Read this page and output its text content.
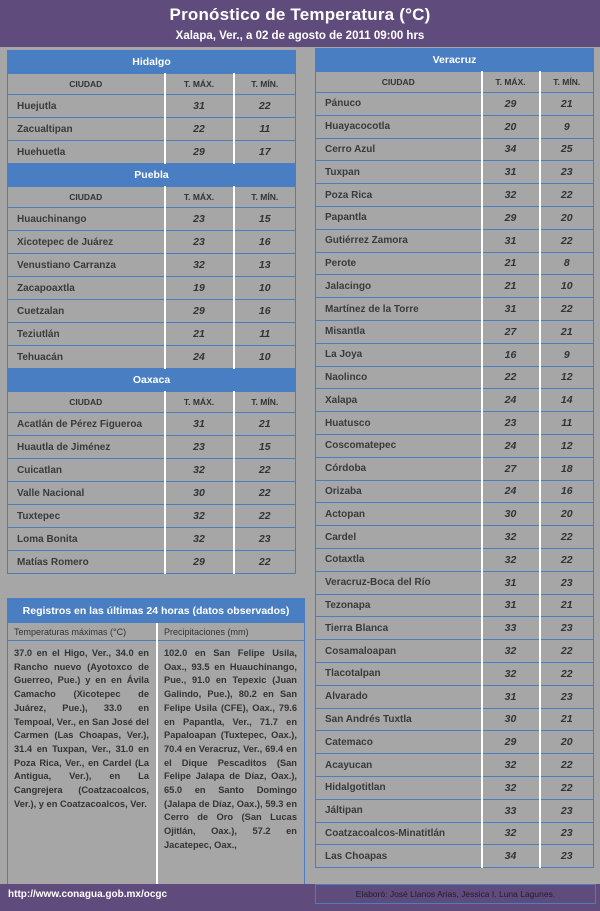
Pronóstico de Temperatura (°C)
Xalapa, Ver., a 02 de agosto de 2011 09:00 hrs
Hidalgo		
CIUDAD	T. MÁX.	T. MÍN.
Huejutla	31	22
Zacualtipan	22	11
Huehuetla	29	17
Puebla		
CIUDAD	T. MÁX.	T. MÍN.
Huauchinango	23	15
Xicotepec de Juárez	23	16
Venustiano Carranza	32	13
Zacapoaxtla	19	10
Cuetzalan	29	16
Teziutlán	21	11
Tehuacán	24	10
Oaxaca		
CIUDAD	T. MÁX.	T. MÍN.
Acatlán de Pérez Figueroa	31	21
Huautla de Jiménez	23	15
Cuicatlan	32	22
Valle Nacional	30	22
Tuxtepec	32	22
Loma Bonita	32	23
Matías Romero	29	22
Veracruz		
CIUDAD	T. MÁX.	T. MÍN.
Pánuco	29	21
Huayacocotla	20	9
Cerro Azul	34	25
Tuxpan	31	23
Poza Rica	32	22
Papantla	29	20
Gutiérrez Zamora	31	22
Perote	21	8
Jalacingo	21	10
Martínez de la Torre	31	22
Misantla	27	21
La Joya	16	9
Naolinco	22	12
Xalapa	24	14
Huatusco	23	11
Coscomatepec	24	12
Córdoba	27	18
Orizaba	24	16
Actopan	30	20
Cardel	32	22
Cotaxtla	32	22
Veracruz-Boca del Río	31	23
Tezonapa	31	21
Tierra Blanca	33	23
Cosamaloapan	32	22
Tlacotalpan	32	22
Alvarado	31	23
San Andrés Tuxtla	30	21
Catemaco	29	20
Acayucan	32	22
Hidalgotitlan	32	22
Jáltipan	33	23
Coatzacoalcos-Minatitlán	32	23
Las Choapas	34	23
Registros en las últimas 24 horas (datos observados)
Temperaturas máximas (°C)
37.0 en el Higo, Ver., 34.0 en Rancho nuevo (Ayotoxco de Guerreo, Pue.) y en en Ávila Camacho (Xicotepec de Juárez, Pue.), 33.0 en Tempoal, Ver., en San José del Carmen (Las Choapas, Ver.), 31.4 en Tuxpan, Ver., 31.0 en Poza Rica, Ver., en Cardel (La Antigua, Ver.), en La Cangrejera (Coatzacoalcos, Ver.), y en Coatzacoalcos, Ver.
Precipitaciones (mm)
102.0 en San Felipe Usila, Oax., 93.5 en Huauchinango, Pue., 91.0 en Tepexic (Juan Galindo, Pue.), 80.2 en San Felipe Usila (CFE), Oax., 79.6 en Papantla, Ver., 71.7 en Papaloapan (Tuxtepec, Oax.), 70.4 en Veracruz, Ver., 69.4 en el Dique Pescaditos (San Felipe Jalapa de Díaz, Oax.), 65.0 en Santo Domingo (Jalapa de Díaz, Oax.), 59.3 en Cerro de Oro (San Lucas Ojitlán, Oax.), 57.2 en Jacatepec, Oax.,
http://www.conagua.gob.mx/ocgc	Elaboró: José Llanos Arias, Jessica I. Luna Lagunes.
